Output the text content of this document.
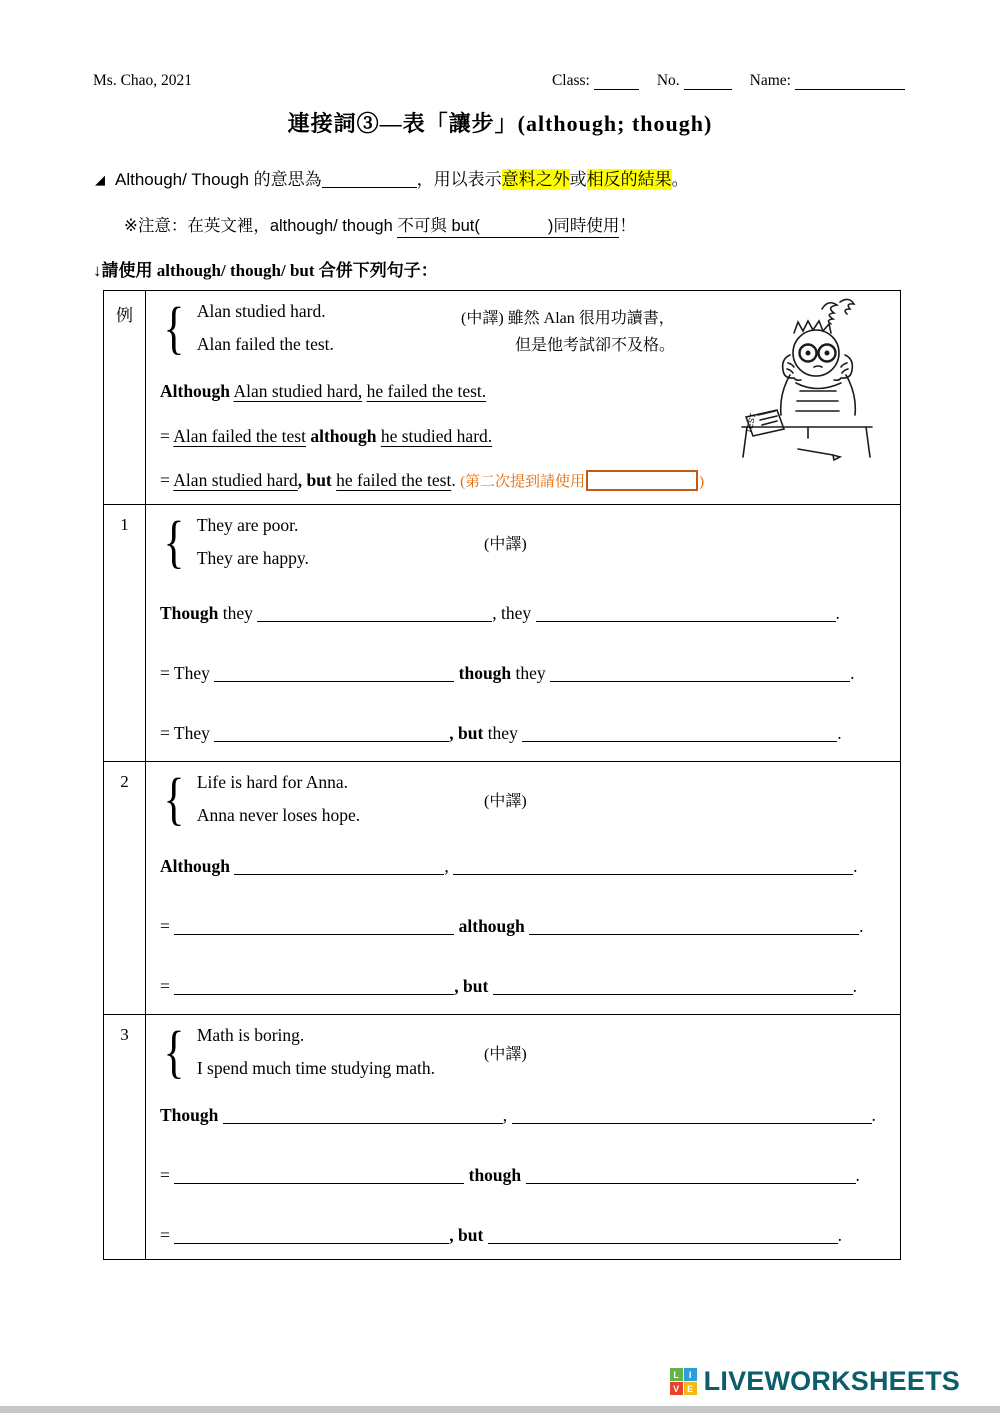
Ms. Chao, 2021	Class:	No.	Name:
連接詞③—表「讓步」(although; though)
◢ Although/ Though 的意思為	，用以表示意料之外或相反的結果。
※注意：在英文裡，although/ though 不可與 but(	)同時使用！
↓請使用 although/ though/ but 合併下列句子：
例 { Alan studied hard.
Alan failed the test.
(中譯) 雖然 Alan 很用功讀書，
但是他考試卻不及格。
TEST
Although Alan studied hard, he failed the test.
= Alan failed the test although he studied hard.
= Alan studied hard, but he failed the test. (第二次提到請使用	)
1 { They are poor.
They are happy.
(中譯)
Though they	, they	.
= They	though they	.
= They	, but they	.
2 { Life is hard for Anna.
Anna never loses hope.
(中譯)
Although	,	.
=	although	.
=	, but	.
3 { Math is boring.
I spend much time studying math.
(中譯)
Though	,	.
=	though	.
=	, but	.
L	I
V E LIVEWORKSHEETS
